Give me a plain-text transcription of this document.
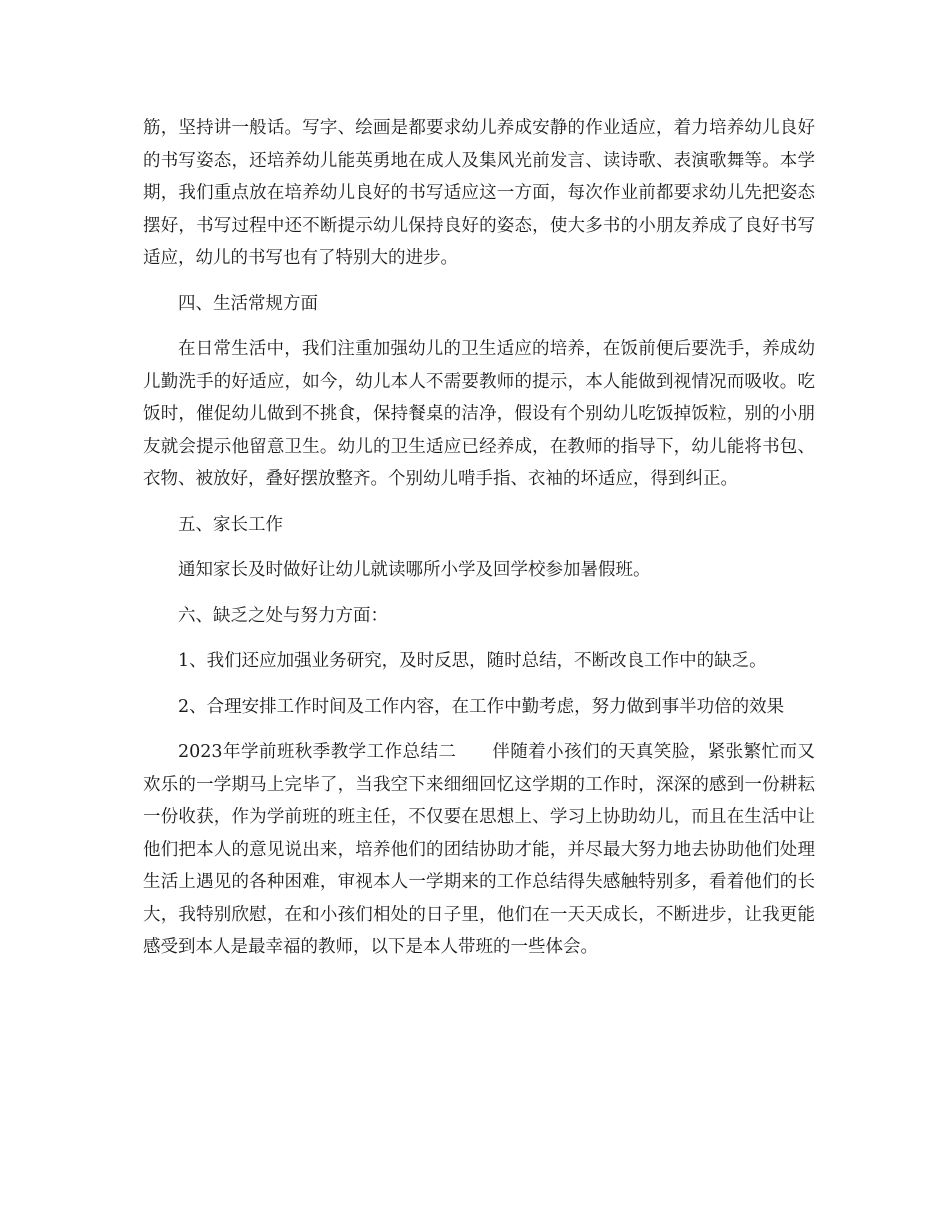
筋，坚持讲一般话。写字、绘画是都要求幼儿养成安静的作业适应，着力培养幼儿良好的书写姿态，还培养幼儿能英勇地在成人及集风光前发言、读诗歌、表演歌舞等。本学期，我们重点放在培养幼儿良好的书写适应这一方面，每次作业前都要求幼儿先把姿态摆好，书写过程中还不断提示幼儿保持良好的姿态，使大多书的小朋友养成了良好书写适应，幼儿的书写也有了特别大的进步。

四、生活常规方面

在日常生活中，我们注重加强幼儿的卫生适应的培养，在饭前便后要洗手，养成幼儿勤洗手的好适应，如今，幼儿本人不需要教师的提示，本人能做到视情况而吸收。吃饭时，催促幼儿做到不挑食，保持餐桌的洁净，假设有个别幼儿吃饭掉饭粒，别的小朋友就会提示他留意卫生。幼儿的卫生适应已经养成，在教师的指导下，幼儿能将书包、衣物、被放好，叠好摆放整齐。个别幼儿啃手指、衣袖的坏适应，得到纠正。

五、家长工作

通知家长及时做好让幼儿就读哪所小学及回学校参加暑假班。

六、缺乏之处与努力方面：

1、我们还应加强业务研究，及时反思，随时总结，不断改良工作中的缺乏。

2、合理安排工作时间及工作内容，在工作中勤考虑，努力做到事半功倍的效果

2023年学前班秋季教学工作总结二　　伴随着小孩们的天真笑脸，紧张繁忙而又欢乐的一学期马上完毕了，当我空下来细细回忆这学期的工作时，深深的感到一份耕耘一份收获，作为学前班的班主任，不仅要在思想上、学习上协助幼儿，而且在生活中让他们把本人的意见说出来，培养他们的团结协助才能，并尽最大努力地去协助他们处理生活上遇见的各种困难，审视本人一学期来的工作总结得失感触特别多，看着他们的长大，我特别欣慰，在和小孩们相处的日子里，他们在一天天成长，不断进步，让我更能感受到本人是最幸福的教师，以下是本人带班的一些体会。
